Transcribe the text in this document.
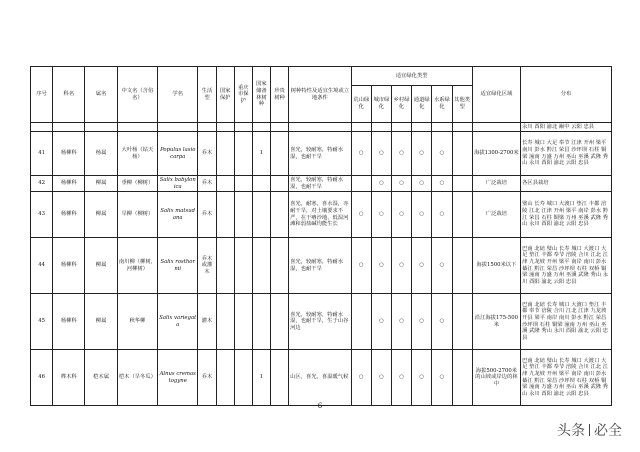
序号	科名	属名	中文名（含俗名）	学名	生活型	国家保护	重庆市保护	国家储备林树种	珍贵树种	树种特性及适宜生境或立地条件	适宜绿化类型						适宜绿化区域	分布
											荒山绿化	城市绿化	乡村绿化	通道绿化	水系绿化	其他类型		
																		永川 酉阳 渝北 巅中 云阳 忠县
41	杨柳科	杨属	大叶杨（钻天杨）	Populus lasiocarpa	乔木			1		喜光，较耐寒，特耐水湿，也耐干旱	○	○	○	○	○		海拔1300-2700米	长寿 城口 大足 奉节 江津 开州 梁平 南川 彭水 黔江 荣昌 沙坪坝 石柱 铜梁 潼南 万盛 万州 巫山 巫溪 武隆 秀山 永川 酉阳 渝北 云阳 忠县
42	杨柳科	柳属	垂柳（柳树）	Salix babylonica	乔木					喜光，较耐寒，特耐水湿，也耐干旱		○	○	○	○		广泛栽培	各区县栽培
43	杨柳科	柳属	旱柳（柳树）	Salix matsudana	乔木					喜光，耐寒，喜水湿，亦耐干旱，对土壤要求不严，在干瘠沙地、低湿河滩和弱盐碱均能生长	○	○	○	○	○		广泛栽培	璧山 长寿 城口 大渡口 垫江 丰都 涪陵 江北 江津 开州 梁平 南岸 彭水 黔江 荣昌 石柱 铜梁 万州 巫溪 武隆 秀山 永川 酉阳 渝北 云阳 忠县
44	杨柳科	柳属	南川柳（柳树，河柳树）	Salix rosthornii	乔木或灌木					喜光，较耐寒，特耐水湿，也耐干旱	○	○	○	○	○		海拔1500米以下	巴南 北碚 璧山 长寿 城口 大渡口 大足 垫江 丰都 奉节 涪陵 合川 江北 江津 九龙坡 开州 梁平 南岸 南川 彭水 綦江 黔江 荣昌 沙坪坝 石柱 双桥 铜梁 潼南 万盛 万州 巫溪 武隆 秀山 永川 酉阳 渝北 云阳 忠县
45	杨柳科	柳属	秋华柳	Salix variegata	灌木					喜光，较耐寒，特耐水湿，也耐干旱，生于山谷河边		○	○	○	○		沿江海拔175-500米	巴南 北碚 长寿 城口 大渡口 垫江 丰都 奉节 涪陵 合川 江北 江津 九龙坡 开县 梁平 南岸 南川 彭水 黔江 荣昌 沙坪坝 石柱 铜梁 潼南 万州 巫山 巫溪 武隆 秀山 永川 酉阳 渝北 云阳 忠县
46	桦木科	桤木属	桤木（旱冬瓜）	Alnus cremastogyne	乔木			1		山区，喜光，喜温暖气候	○	○	○	○	○		海拔500-2700米的山坡或岸边的林中	巴南 北碚 璧山 长寿 城口 大渡口 大足 垫江 丰都 奉节 涪陵 合川 江北 江津 九龙坡 开州 梁平 南岸 南川 彭水 綦江 黔江 荣昌 沙坪坝 石柱 双桥 铜梁 潼南 万盛 万州 巫山 巫溪 武隆 秀山 永川 酉阳 渝北 云阳 忠县
6
头条 必全
